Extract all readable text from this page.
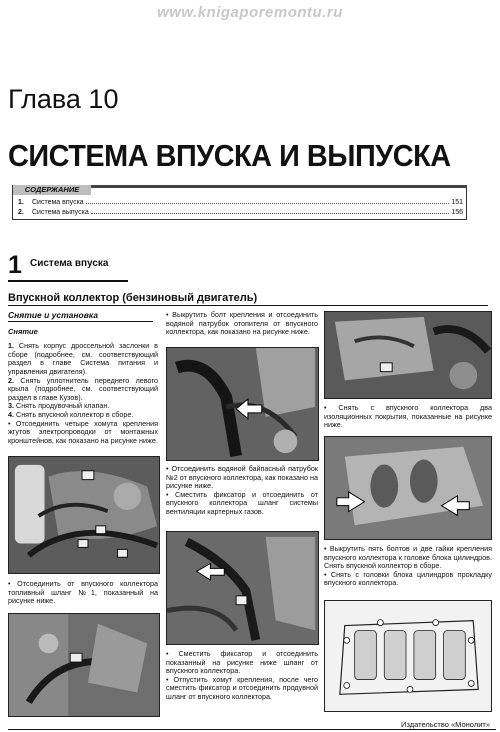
www.knigaporemontu.ru
Глава 10
СИСТЕМА ВПУСКА И ВЫПУСКА
СОДЕРЖАНИЕ
1.	Система впуска	151
2.	Система выпуска	156
1 Система впуска
Впускной коллектор (бензиновый двигатель)
Снятие и установка
Снятие

1. Снять корпус дроссельной заслонки в сборе (подробнее, см. соответствующий раздел в главе Система питания и управления двигателя).

2. Снять уплотнитель переднего левого крыла (подробнее, см. соответствующий раздел в главе Кузов).

3. Снять продувочный клапан.

4. Снять впускной коллектор в сборе.

• Отсоединить четыре хомута крепления жгутов электропроводки от монтажных кронштейнов, как показано на рисунке ниже.

• Отсоединить от впускного коллектора топливный шланг №1, показанный на рисунке ниже.

• Выкрутить болт крепления и отсоединить водяной патрубок отопителя от впускного коллектора, как показано на рисунке ниже.

• Отсоединить водяной байпасный патрубок №2 от впускного коллектора, как показано на рисунке ниже.

• Сместить фиксатор и отсоединить от впускного коллектора шланг системы вентиляции картерных газов.

• Сместить фиксатор и отсоединить показанный на рисунке ниже шланг от впускного коллектора.

• Отпустить хомут крепления, после чего сместить фиксатор и отсоединить продувной шланг от впускного коллектора.

• Снять с впускного коллектора два изоляционных покрытия, показанные на рисунке ниже.

• Выкрутить пять болтов и две гайки крепления впускного коллектора к головке блока цилиндров. Снять впускной коллектор в сборе.

• Снять с головки блока цилиндров прокладку впускного коллектора.

Издательство «Монолит»
